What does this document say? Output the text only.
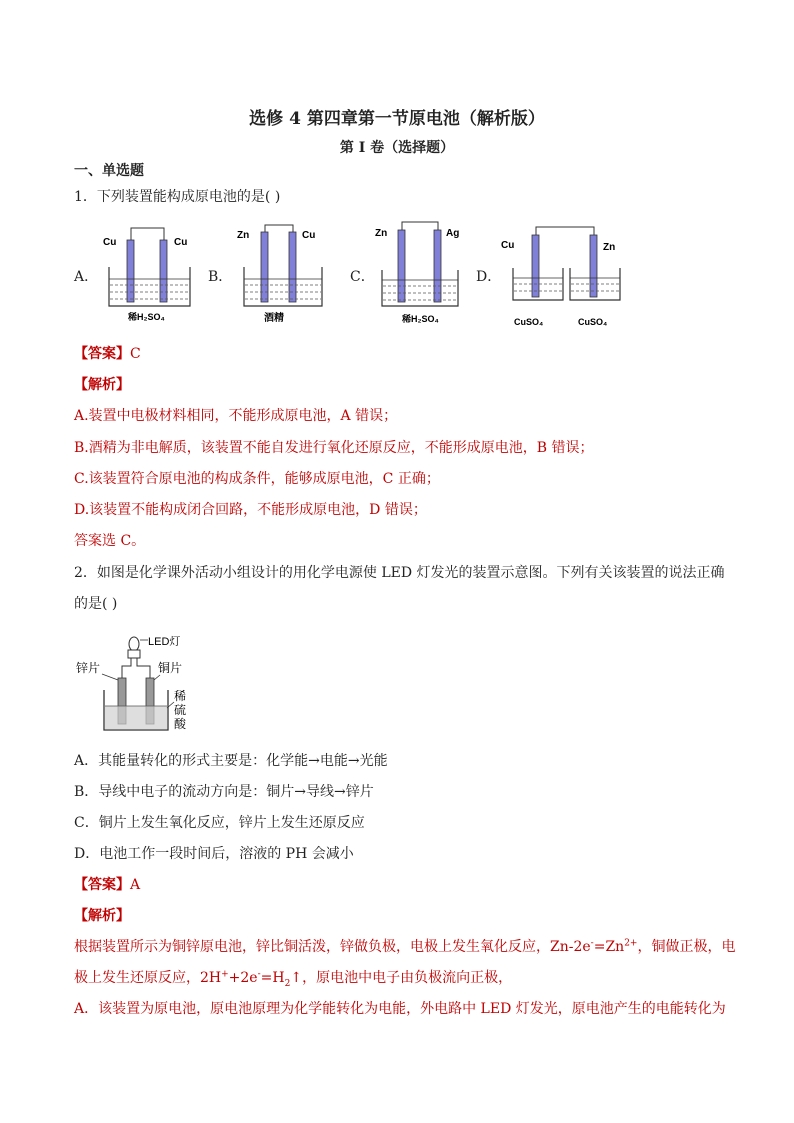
选修 4 第四章第一节原电池（解析版）
第 I 卷（选择题）
一、单选题
1．下列装置能构成原电池的是( )
A．	B．	C．	D．
Cu	Cu
稀H₂SO₄
Zn	Cu
酒精
Zn	Ag
稀H₂SO₄
Cu	Zn
CuSO₄	CuSO₄
【答案】C
【解析】
A.装置中电极材料相同，不能形成原电池，A 错误；
B.酒精为非电解质，该装置不能自发进行氧化还原反应，不能形成原电池，B 错误；
C.该装置符合原电池的构成条件，能够成原电池，C 正确；
D.该装置不能构成闭合回路，不能形成原电池，D 错误；
答案选 C。
2．如图是化学课外活动小组设计的用化学电源使 LED 灯发光的装置示意图。下列有关该装置的说法正确
的是( )
LED灯
锌片	铜片
稀
硫
酸
A．其能量转化的形式主要是：化学能→电能→光能
B．导线中电子的流动方向是：铜片→导线→锌片
C．铜片上发生氧化反应，锌片上发生还原反应
D．电池工作一段时间后，溶液的 PH 会减小
【答案】A
【解析】
根据装置所示为铜锌原电池，锌比铜活泼，锌做负极，电极上发生氧化反应，$Zn-2e^-=Zn^{2+}$，铜做正极，电
极上发生还原反应，$2H^++2e^-=H_2↑$，原电池中电子由负极流向正极，
A．该装置为原电池，原电池原理为化学能转化为电能，外电路中 LED 灯发光，原电池产生的电能转化为
